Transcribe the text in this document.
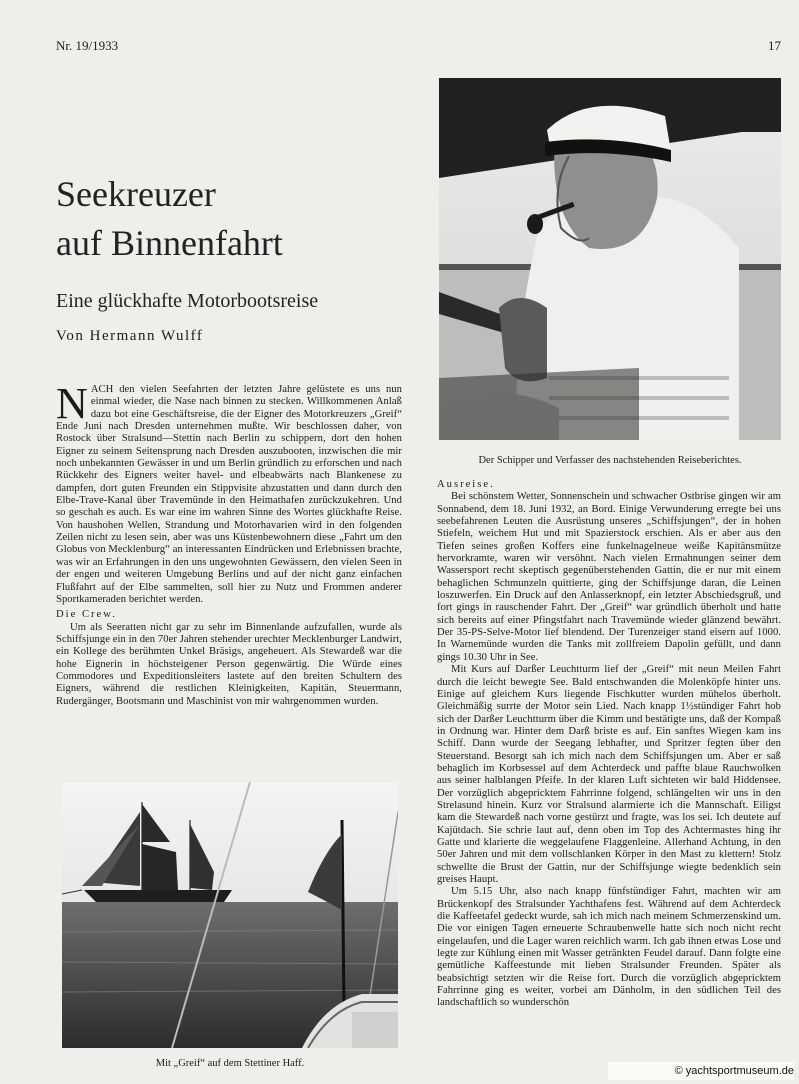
Nr. 19/1933	17
Seekreuzer
auf Binnenfahrt
Eine glückhafte Motorbootsreise
Von Hermann Wulff

NACH den vielen Seefahrten der letzten Jahre gelüstete es uns nun einmal wieder, die Nase nach binnen zu stecken. Willkommenen Anlaß dazu bot eine Geschäftsreise, die der Eigner des Motorkreuzers „Greif“ Ende Juni nach Dresden unternehmen mußte. Wir beschlossen daher, von Rostock über Stralsund—Stettin nach Berlin zu schippern, dort den hohen Eigner zu seinem Seitensprung nach Dresden auszubooten, inzwischen die mir noch unbekannten Gewässer in und um Berlin gründlich zu erforschen und nach Rückkehr des Eigners weiter havel- und elbeabwärts nach Blankenese zu dampfen, dort guten Freunden ein Stippvisite abzustatten und dann durch den Elbe-Trave-Kanal über Travemünde in den Heimathafen zurückzukehren. Und so geschah es auch. Es war eine im wahren Sinne des Wortes glückhafte Reise. Von haushohen Wellen, Strandung und Motorhavarien wird in den folgenden Zeilen nicht zu lesen sein, aber was uns Küstenbewohnern diese „Fahrt um den Globus von Mecklenburg“ an interessanten Eindrücken und Erlebnissen brachte, was wir an Erfahrungen in den uns ungewohnten Gewässern, den vielen Seen in der engen und weiteren Umgebung Berlins und auf der nicht ganz einfachen Flußfahrt auf der Elbe sammelten, soll hier zu Nutz und Frommen anderer Sportkameraden berichtet werden.

Die Crew.

Um als Seeratten nicht gar zu sehr im Binnenlande aufzufallen, wurde als Schiffsjunge ein in den 70er Jahren stehender urechter Mecklenburger Landwirt, ein Kollege des berühmten Unkel Bräsigs, angeheuert. Als Stewardeß war die hohe Eignerin in höchsteigener Person gegenwärtig. Die Würde eines Commodores und Expeditionsleiters lastete auf den breiten Schultern des Eigners, während die restlichen Kleinigkeiten, Kapitän, Steuermann, Rudergänger, Bootsmann und Maschinist von mir wahrgenommen wurden.

Mit „Greif“ auf dem Stettiner Haff.
Der Schipper und Verfasser des nachstehenden Reiseberichtes.

Ausreise.

Bei schönstem Wetter, Sonnenschein und schwacher Ostbrise gingen wir am Sonnabend, dem 18. Juni 1932, an Bord. Einige Verwunderung erregte bei uns seebefahrenen Leuten die Ausrüstung unseres „Schiffsjungen“, der in hohen Stiefeln, weichem Hut und mit Spazierstock erschien. Als er aber aus den Tiefen seines großen Koffers eine funkelnagelneue weiße Kapitänsmütze hervorkramte, waren wir versöhnt. Nach vielen Ermahnungen seiner dem Wassersport recht skeptisch gegenüberstehenden Gattin, die er nur mit einem behaglichen Schmunzeln quittierte, ging der Schiffsjunge daran, die Leinen loszuwerfen. Ein Druck auf den Anlasserknopf, ein letzter Abschiedsgruß, und fort gings in rauschender Fahrt. Der „Greif“ war gründlich überholt und hatte sich bereits auf einer Pfingstfahrt nach Travemünde wieder glänzend bewährt. Der 35-PS-Selve-Motor lief blendend. Der Turenzeiger stand eisern auf 1000. In Warnemünde wurden die Tanks mit zollfreiem Dapolin gefüllt, und dann gings 10.30 Uhr in See.

Mit Kurs auf Darßer Leuchtturm lief der „Greif“ mit neun Meilen Fahrt durch die leicht bewegte See. Bald entschwanden die Molenköpfe hinter uns. Einige auf gleichem Kurs liegende Fischkutter wurden mühelos überholt. Gleichmäßig surrte der Motor sein Lied. Nach knapp 1½stündiger Fahrt hob sich der Darßer Leuchtturm über die Kimm und bestätigte uns, daß der Kompaß in Ordnung war. Hinter dem Darß briste es auf. Ein sanftes Wiegen kam ins Schiff. Dann wurde der Seegang lebhafter, und Spritzer fegten über den Steuerstand. Besorgt sah ich mich nach dem Schiffsjungen um. Aber er saß behaglich im Korbsessel auf dem Achterdeck und paffte blaue Rauchwolken aus seiner halblangen Pfeife. In der klaren Luft sichteten wir bald Hiddensee. Der vorzüglich abgepricktem Fahrrinne folgend, schlängelten wir uns in den Strelasund hinein. Kurz vor Stralsund alarmierte ich die Mannschaft. Eiligst kam die Stewardeß nach vorne gestürzt und fragte, was los sei. Ich deutete auf Kajütdach. Sie schrie laut auf, denn oben im Top des Achtermastes hing ihr Gatte und klarierte die weggelaufene Flaggenleine. Allerhand Achtung, in den 50er Jahren und mit dem vollschlanken Körper in den Mast zu klettern! Stolz schwellte die Brust der Gattin, nur der Schiffsjunge wiegte bedenklich sein greises Haupt.

Um 5.15 Uhr, also nach knapp fünfstündiger Fahrt, machten wir am Brückenkopf des Stralsunder Yachthafens fest. Während auf dem Achterdeck die Kaffeetafel gedeckt wurde, sah ich mich nach meinem Schmerzenskind um. Die vor einigen Tagen erneuerte Schraubenwelle hatte sich noch nicht recht eingelaufen, und die Lager waren reichlich warm. Ich gab ihnen etwas Lose und legte zur Kühlung einen mit Wasser getränkten Feudel darauf. Dann folgte eine gemütliche Kaffeestunde mit lieben Stralsunder Freunden. Später als beabsichtigt setzten wir die Reise fort. Durch die vorzüglich abgepricktem Fahrrinne ging es weiter, vorbei am Dänholm, in den südlichen Teil des landschaftlich so wunderschön

© yachtsportmuseum.de
